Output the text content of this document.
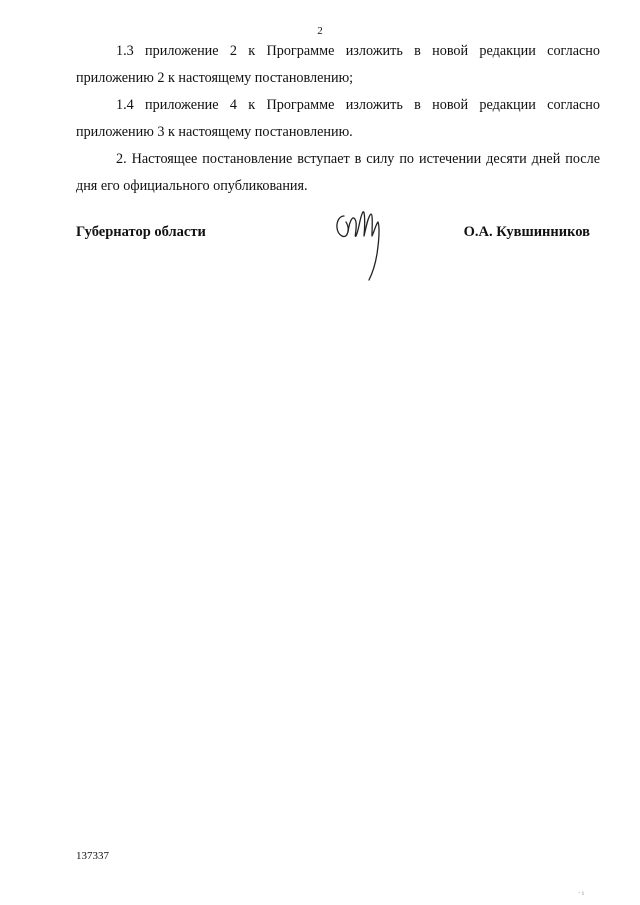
2

1.3 приложение 2 к Программе изложить в новой редакции согласно приложению 2 к настоящему постановлению;

1.4 приложение 4 к Программе изложить в новой редакции согласно приложению 3 к настоящему постановлению.

2. Настоящее постановление вступает в силу по истечении десяти дней после дня его официального опубликования.

Губернатор области	О.А. Кувшинников
137337
· ı
